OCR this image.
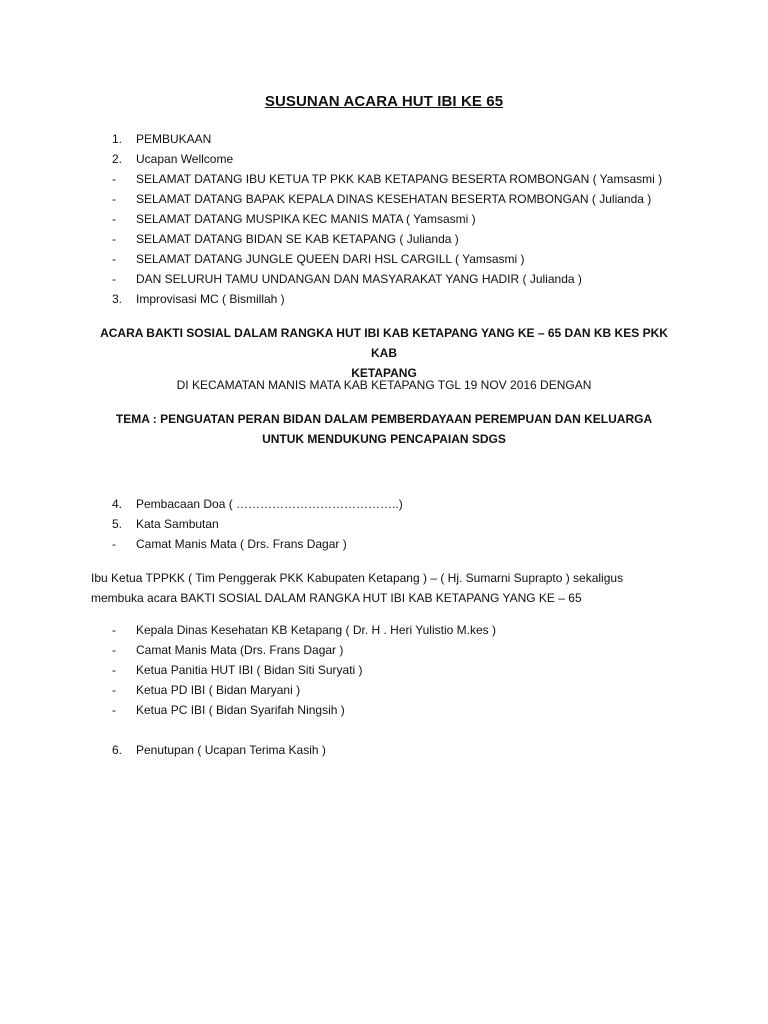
SUSUNAN ACARA HUT IBI KE 65
1. PEMBUKAAN
2. Ucapan Wellcome
- SELAMAT DATANG IBU KETUA TP PKK KAB KETAPANG BESERTA ROMBONGAN ( Yamsasmi )
- SELAMAT DATANG BAPAK KEPALA DINAS KESEHATAN BESERTA ROMBONGAN ( Julianda )
- SELAMAT DATANG MUSPIKA KEC MANIS MATA ( Yamsasmi )
- SELAMAT DATANG BIDAN SE KAB KETAPANG ( Julianda )
- SELAMAT DATANG JUNGLE QUEEN DARI HSL CARGILL ( Yamsasmi )
- DAN SELURUH TAMU UNDANGAN DAN MASYARAKAT YANG HADIR ( Julianda )
3. Improvisasi MC ( Bismillah )
ACARA BAKTI SOSIAL DALAM RANGKA HUT IBI KAB KETAPANG YANG KE – 65 DAN KB KES PKK KAB
KETAPANG
DI KECAMATAN MANIS MATA KAB KETAPANG TGL 19 NOV 2016 DENGAN
TEMA : PENGUATAN PERAN BIDAN DALAM PEMBERDAYAAN PEREMPUAN DAN KELUARGA
UNTUK MENDUKUNG PENCAPAIAN SDGS
4. Pembacaan Doa ( …………………………………..)
5. Kata Sambutan
- Camat Manis Mata ( Drs. Frans Dagar )
Ibu Ketua TPPKK ( Tim Penggerak PKK Kabupaten Ketapang ) – ( Hj. Sumarni Suprapto ) sekaligus
membuka acara BAKTI SOSIAL DALAM RANGKA HUT IBI KAB KETAPANG YANG KE – 65
- Kepala Dinas Kesehatan KB Ketapang ( Dr. H . Heri Yulistio M.kes )
- Camat Manis Mata (Drs. Frans Dagar )
- Ketua Panitia HUT IBI ( Bidan Siti Suryati )
- Ketua PD IBI ( Bidan Maryani )
- Ketua PC IBI ( Bidan Syarifah Ningsih )
6. Penutupan ( Ucapan Terima Kasih )
